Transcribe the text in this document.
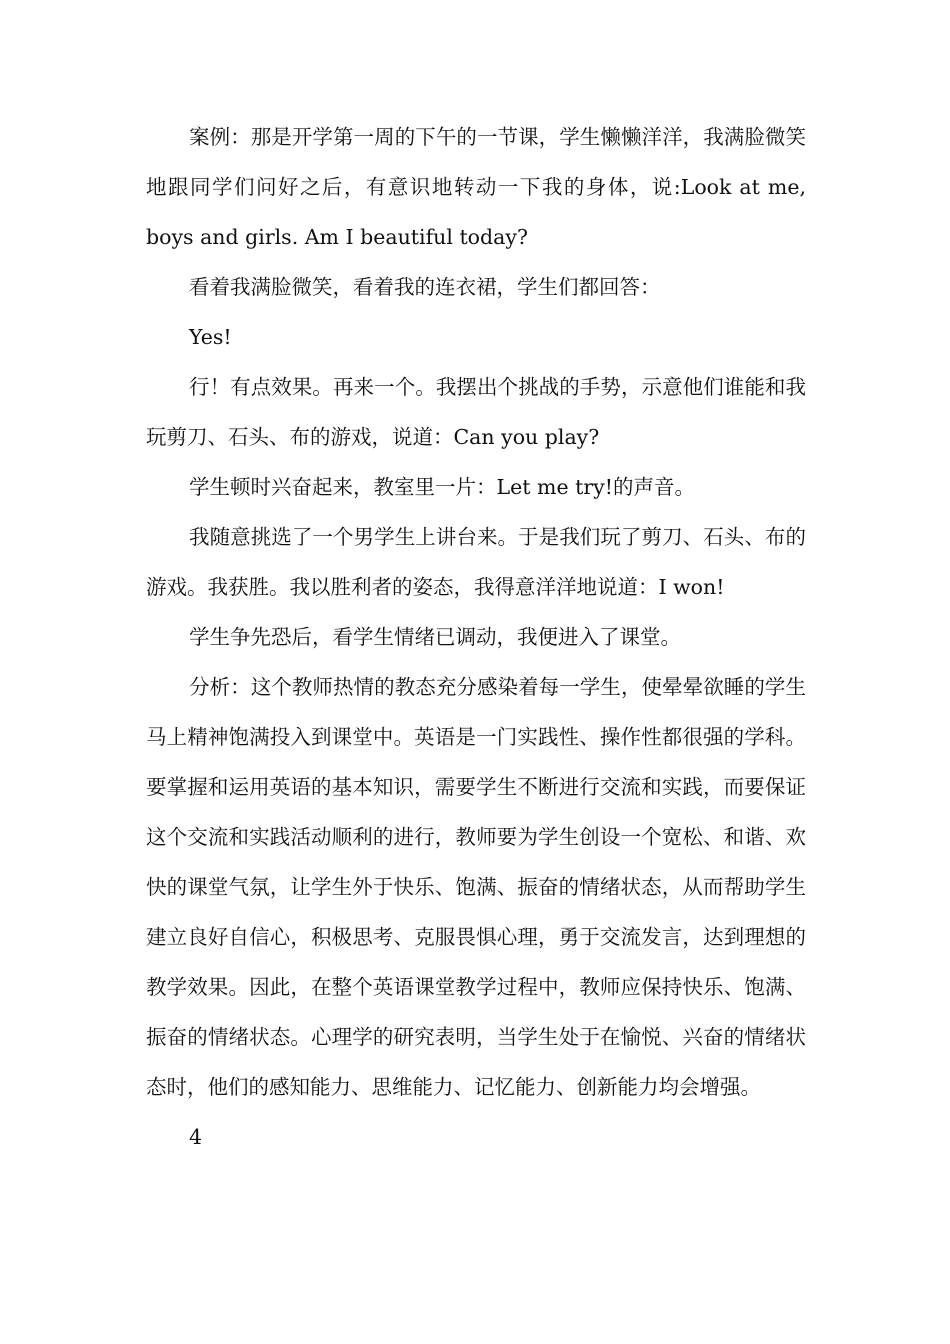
案例：那是开学第一周的下午的一节课，学生懒懒洋洋，我满脸微笑地跟同学们问好之后，有意识地转动一下我的身体，说:Look at me, boys and girls. Am I beautiful today?

看着我满脸微笑，看着我的连衣裙，学生们都回答：

Yes!

行！有点效果。再来一个。我摆出个挑战的手势，示意他们谁能和我玩剪刀、石头、布的游戏，说道：Can you play?

学生顿时兴奋起来，教室里一片：Let me try!的声音。

我随意挑选了一个男学生上讲台来。于是我们玩了剪刀、石头、布的游戏。我获胜。我以胜利者的姿态，我得意洋洋地说道：I won!

学生争先恐后，看学生情绪已调动，我便进入了课堂。

分析：这个教师热情的教态充分感染着每一学生，使晕晕欲睡的学生马上精神饱满投入到课堂中。英语是一门实践性、操作性都很强的学科。要掌握和运用英语的基本知识，需要学生不断进行交流和实践，而要保证这个交流和实践活动顺利的进行，教师要为学生创设一个宽松、和谐、欢快的课堂气氛，让学生外于快乐、饱满、振奋的情绪状态，从而帮助学生建立良好自信心，积极思考、克服畏惧心理，勇于交流发言，达到理想的教学效果。因此，在整个英语课堂教学过程中，教师应保持快乐、饱满、振奋的情绪状态。心理学的研究表明，当学生处于在愉悦、兴奋的情绪状态时，他们的感知能力、思维能力、记忆能力、创新能力均会增强。

4
